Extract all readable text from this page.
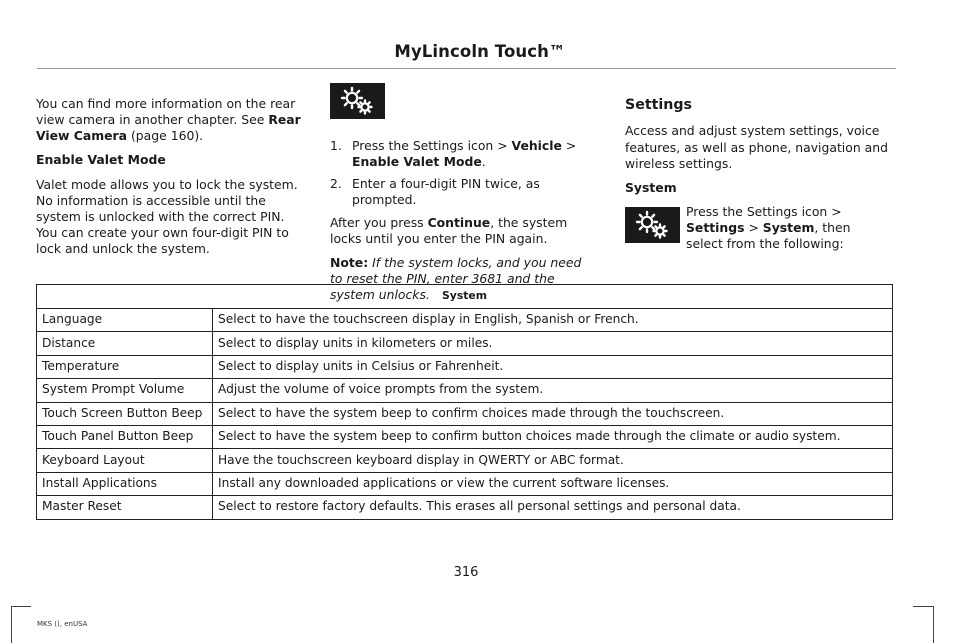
MyLincoln Touch™

You can find more information on the rear view camera in another chapter. See Rear View Camera (page 160).

Enable Valet Mode

Valet mode allows you to lock the system. No information is accessible until the system is unlocked with the correct PIN. You can create your own four-digit PIN to lock and unlock the system.

1. Press the Settings icon > Vehicle > Enable Valet Mode.
2. Enter a four-digit PIN twice, as prompted.

After you press Continue, the system locks until you enter the PIN again.

Note: If the system locks, and you need to reset the PIN, enter 3681 and the system unlocks.

Settings

Access and adjust system settings, voice features, as well as phone, navigation and wireless settings.

System

Press the Settings icon > Settings > System, then select from the following:
System	
Language	Select to have the touchscreen display in English, Spanish or French.
Distance	Select to display units in kilometers or miles.
Temperature	Select to display units in Celsius or Fahrenheit.
System Prompt Volume	Adjust the volume of voice prompts from the system.
Touch Screen Button Beep	Select to have the system beep to confirm choices made through the touchscreen.
Touch Panel Button Beep	Select to have the system beep to confirm button choices made through the climate or audio system.
Keyboard Layout	Have the touchscreen keyboard display in QWERTY or ABC format.
Install Applications	Install any downloaded applications or view the current software licenses.
Master Reset	Select to restore factory defaults. This erases all personal settings and personal data.
316
MKS (), enUSA
